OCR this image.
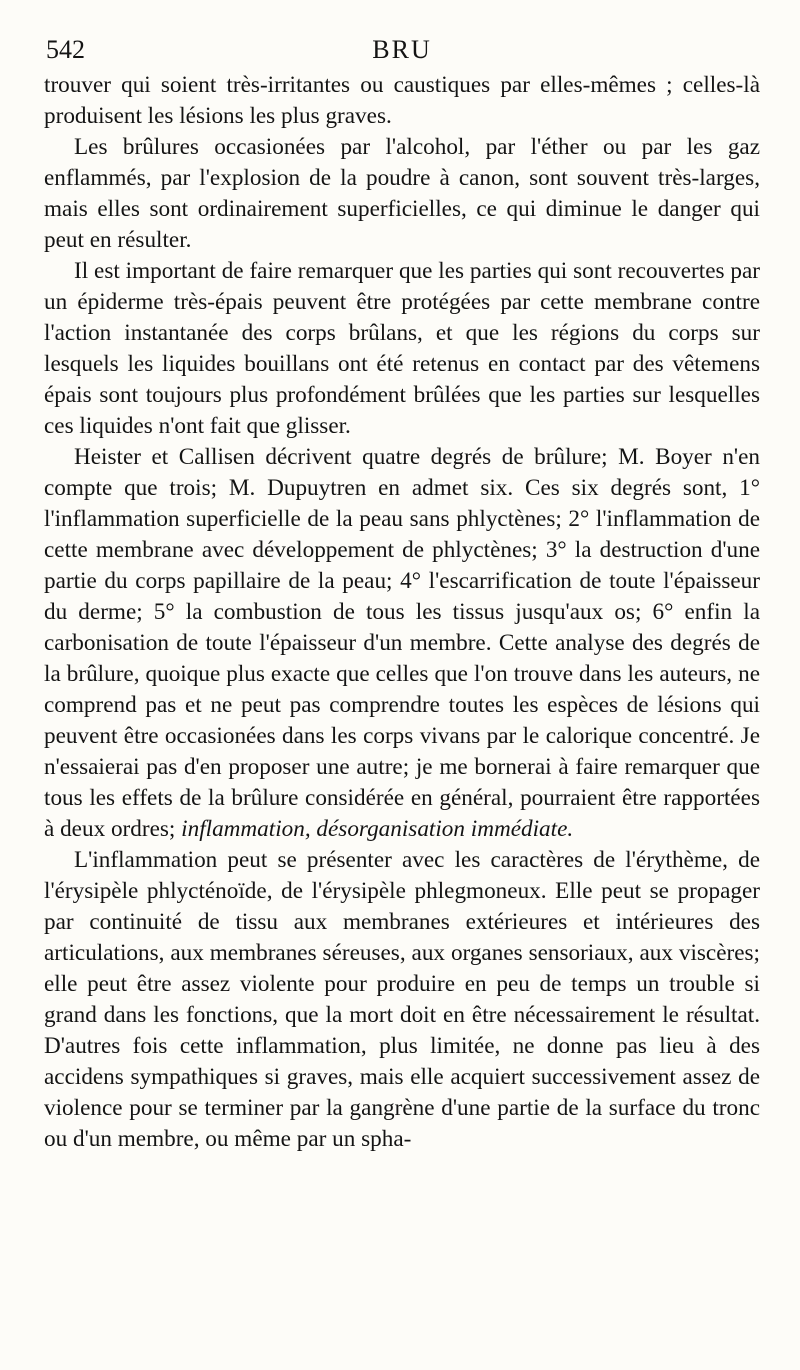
542	BRU

trouver qui soient très-irritantes ou caustiques par elles-mêmes ; celles-là produisent les lésions les plus graves.

Les brûlures occasionées par l'alcohol, par l'éther ou par les gaz enflammés, par l'explosion de la poudre à canon, sont souvent très-larges, mais elles sont ordinairement superficielles, ce qui diminue le danger qui peut en résulter.

Il est important de faire remarquer que les parties qui sont recouvertes par un épiderme très-épais peuvent être protégées par cette membrane contre l'action instantanée des corps brûlans, et que les régions du corps sur lesquels les liquides bouillans ont été retenus en contact par des vêtemens épais sont toujours plus profondément brûlées que les parties sur lesquelles ces liquides n'ont fait que glisser.

Heister et Callisen décrivent quatre degrés de brûlure; M. Boyer n'en compte que trois; M. Dupuytren en admet six. Ces six degrés sont, 1° l'inflammation superficielle de la peau sans phlyctènes; 2° l'inflammation de cette membrane avec développement de phlyctènes; 3° la destruction d'une partie du corps papillaire de la peau; 4° l'escarrification de toute l'épaisseur du derme; 5° la combustion de tous les tissus jusqu'aux os; 6° enfin la carbonisation de toute l'épaisseur d'un membre. Cette analyse des degrés de la brûlure, quoique plus exacte que celles que l'on trouve dans les auteurs, ne comprend pas et ne peut pas comprendre toutes les espèces de lésions qui peuvent être occasionées dans les corps vivans par le calorique concentré. Je n'essaierai pas d'en proposer une autre; je me bornerai à faire remarquer que tous les effets de la brûlure considérée en général, pourraient être rapportées à deux ordres; inflammation, désorganisation immédiate.

L'inflammation peut se présenter avec les caractères de l'érythème, de l'érysipèle phlycténoïde, de l'érysipèle phlegmoneux. Elle peut se propager par continuité de tissu aux membranes extérieures et intérieures des articulations, aux membranes séreuses, aux organes sensoriaux, aux viscères; elle peut être assez violente pour produire en peu de temps un trouble si grand dans les fonctions, que la mort doit en être nécessairement le résultat. D'autres fois cette inflammation, plus limitée, ne donne pas lieu à des accidens sympathiques si graves, mais elle acquiert successivement assez de violence pour se terminer par la gangrène d'une partie de la surface du tronc ou d'un membre, ou même par un spha-
